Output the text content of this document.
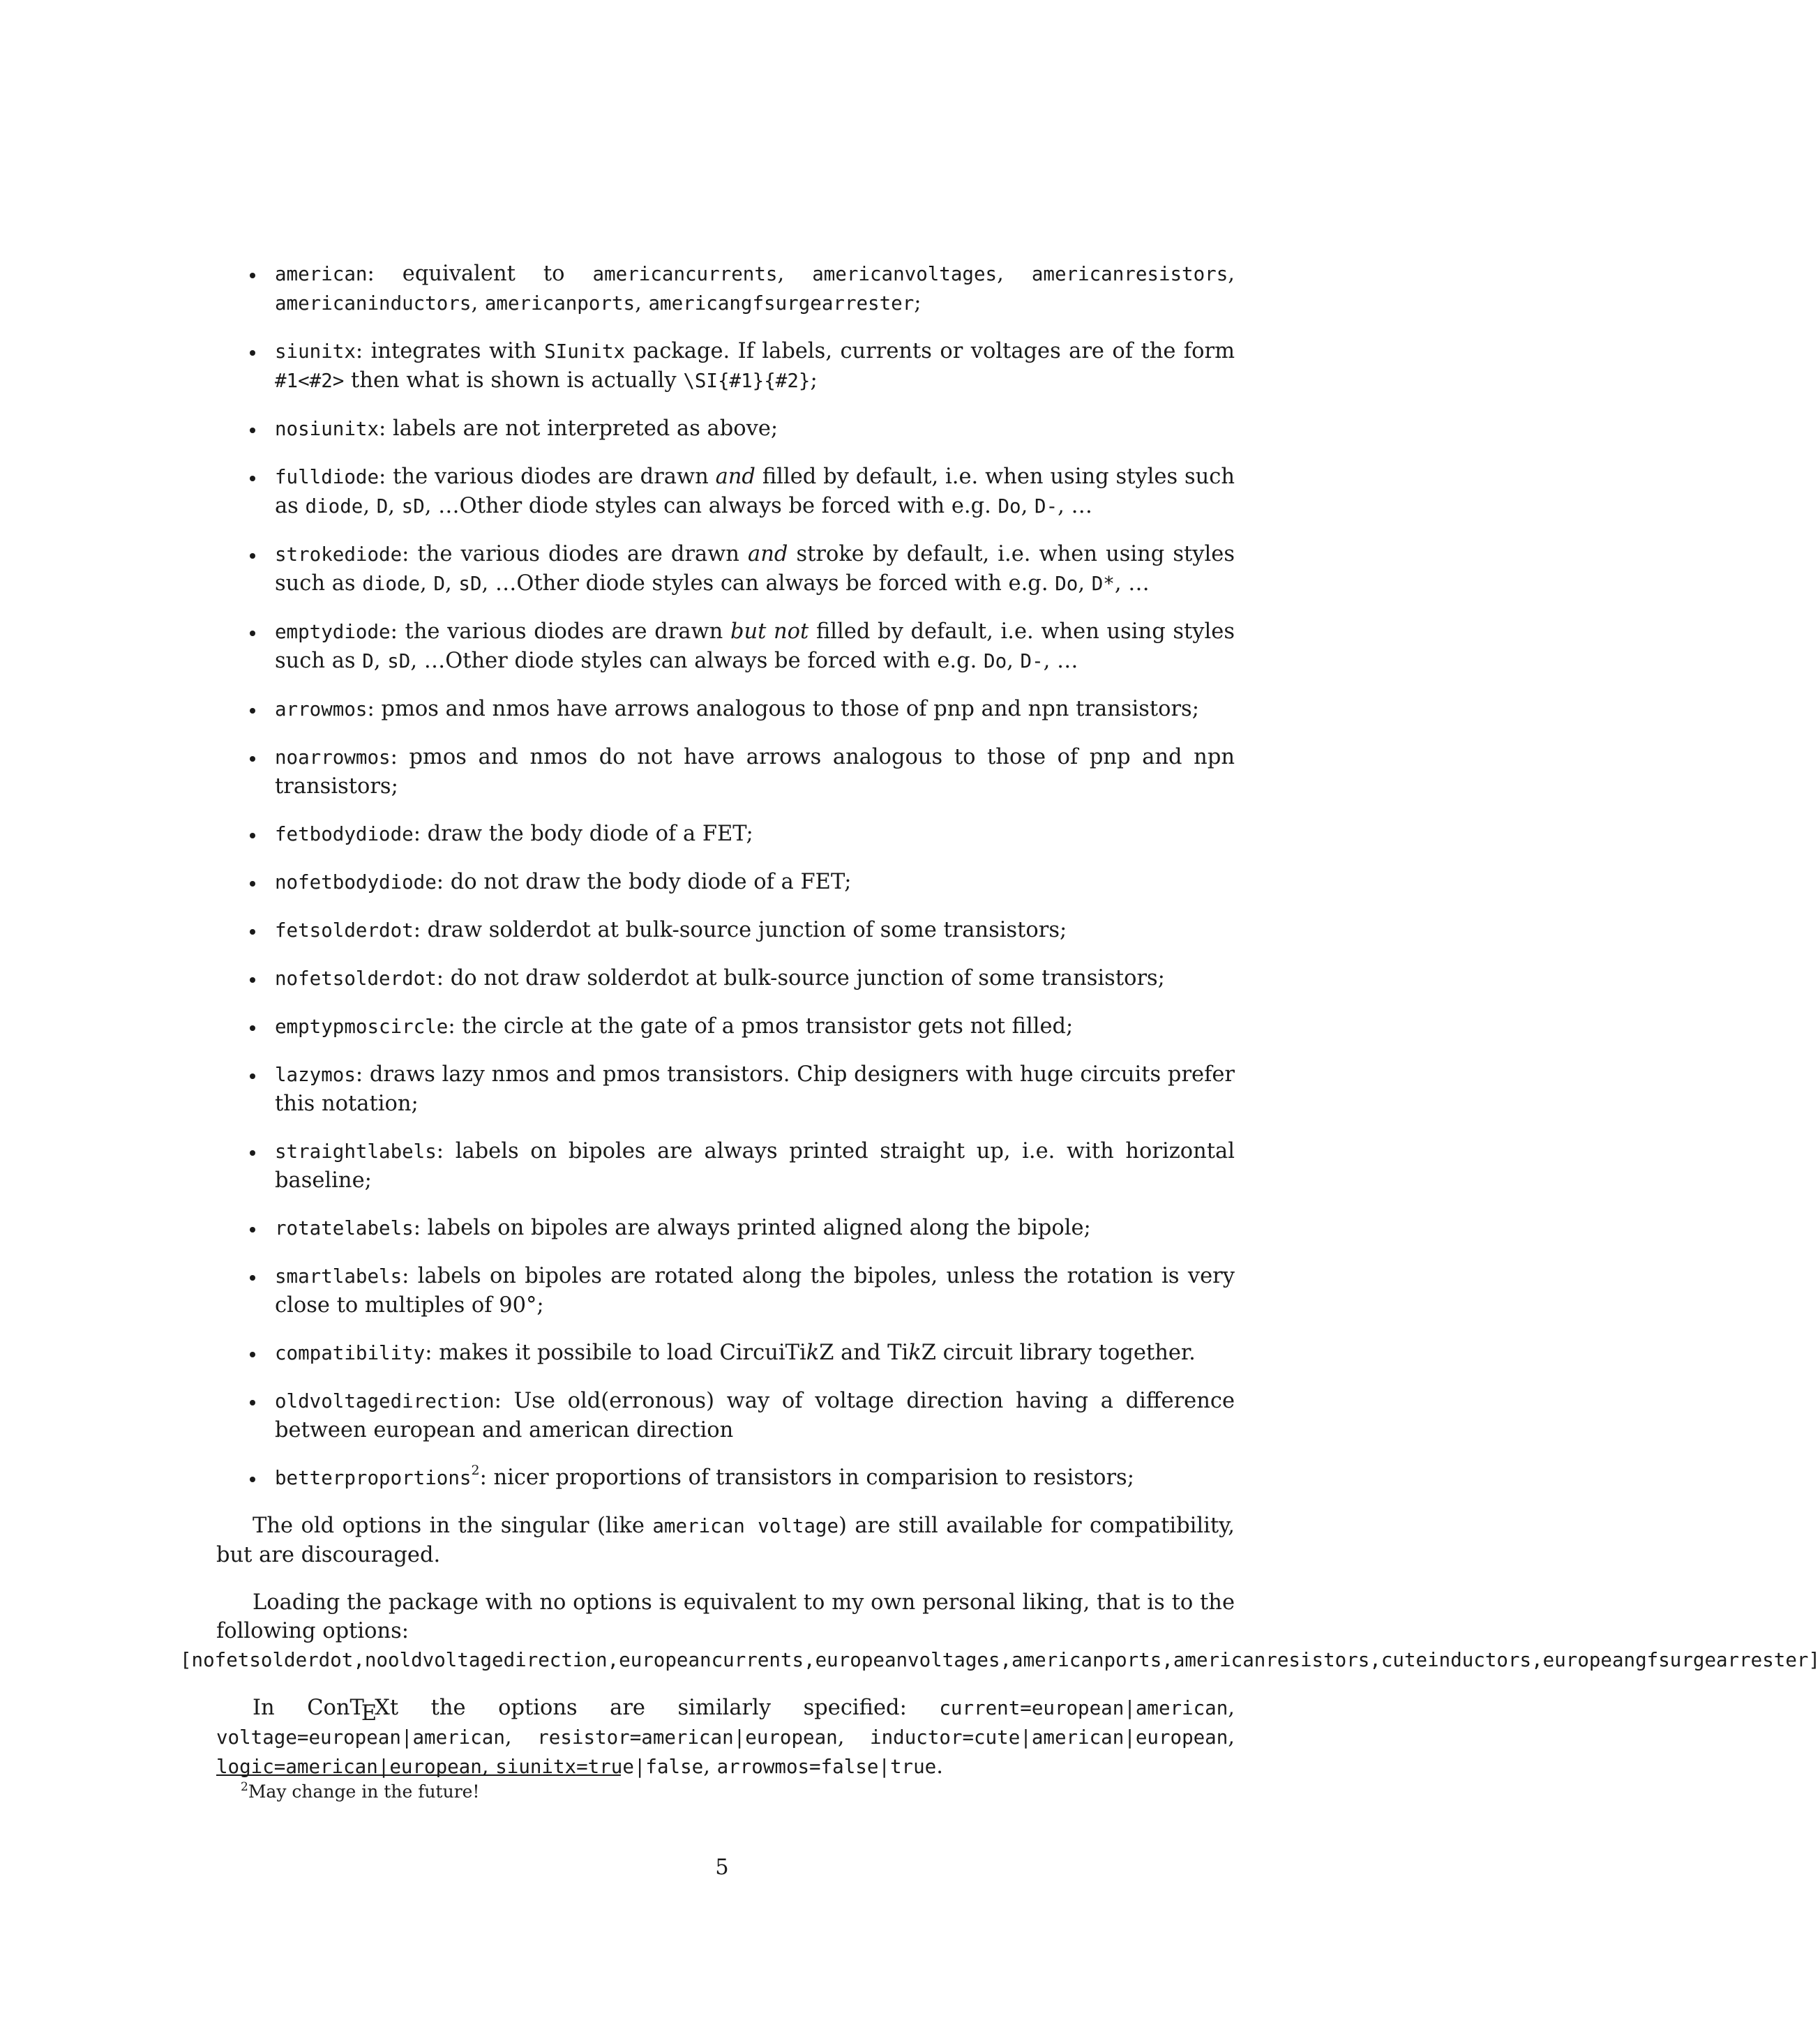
american: equivalent to americancurrents, americanvoltages, americanresistors, americaninductors, americanports, americangfsurgearrester;
siunitx: integrates with SIunitx package. If labels, currents or voltages are of the form #1<#2> then what is shown is actually \SI{#1}{#2};
nosiunitx: labels are not interpreted as above;
fulldiode: the various diodes are drawn and filled by default, i.e. when using styles such as diode, D, sD, …Other diode styles can always be forced with e.g. Do, D-, …
strokediode: the various diodes are drawn and stroke by default, i.e. when using styles such as diode, D, sD, …Other diode styles can always be forced with e.g. Do, D*, …
emptydiode: the various diodes are drawn but not filled by default, i.e. when using styles such as D, sD, …Other diode styles can always be forced with e.g. Do, D-, …
arrowmos: pmos and nmos have arrows analogous to those of pnp and npn transistors;
noarrowmos: pmos and nmos do not have arrows analogous to those of pnp and npn transistors;
fetbodydiode: draw the body diode of a FET;
nofetbodydiode: do not draw the body diode of a FET;
fetsolderdot: draw solderdot at bulk-source junction of some transistors;
nofetsolderdot: do not draw solderdot at bulk-source junction of some transistors;
emptypmoscircle: the circle at the gate of a pmos transistor gets not filled;
lazymos: draws lazy nmos and pmos transistors. Chip designers with huge circuits prefer this notation;
straightlabels: labels on bipoles are always printed straight up, i.e. with horizontal baseline;
rotatelabels: labels on bipoles are always printed aligned along the bipole;
smartlabels: labels on bipoles are rotated along the bipoles, unless the rotation is very close to multiples of 90°;
compatibility: makes it possibile to load CircuiTikZ and TikZ circuit library together.
oldvoltagedirection: Use old(erronous) way of voltage direction having a difference between european and american direction
betterproportions$^2$: nicer proportions of transistors in comparision to resistors;

The old options in the singular (like american voltage) are still available for compatibility, but are discouraged.

Loading the package with no options is equivalent to my own personal liking, that is to the following options:
[nofetsolderdot,nooldvoltagedirection,europeancurrents,europeanvoltages,americanports,americanresistors,cuteinductors,europeangfsurgearrester]

In ConTEXt the options are similarly specified: current=european|american, voltage=european|american, resistor=american|european, inductor=cute|american|european, logic=american|european, siunitx=true|false, arrowmos=false|true.

$^2$May change in the future!
5
